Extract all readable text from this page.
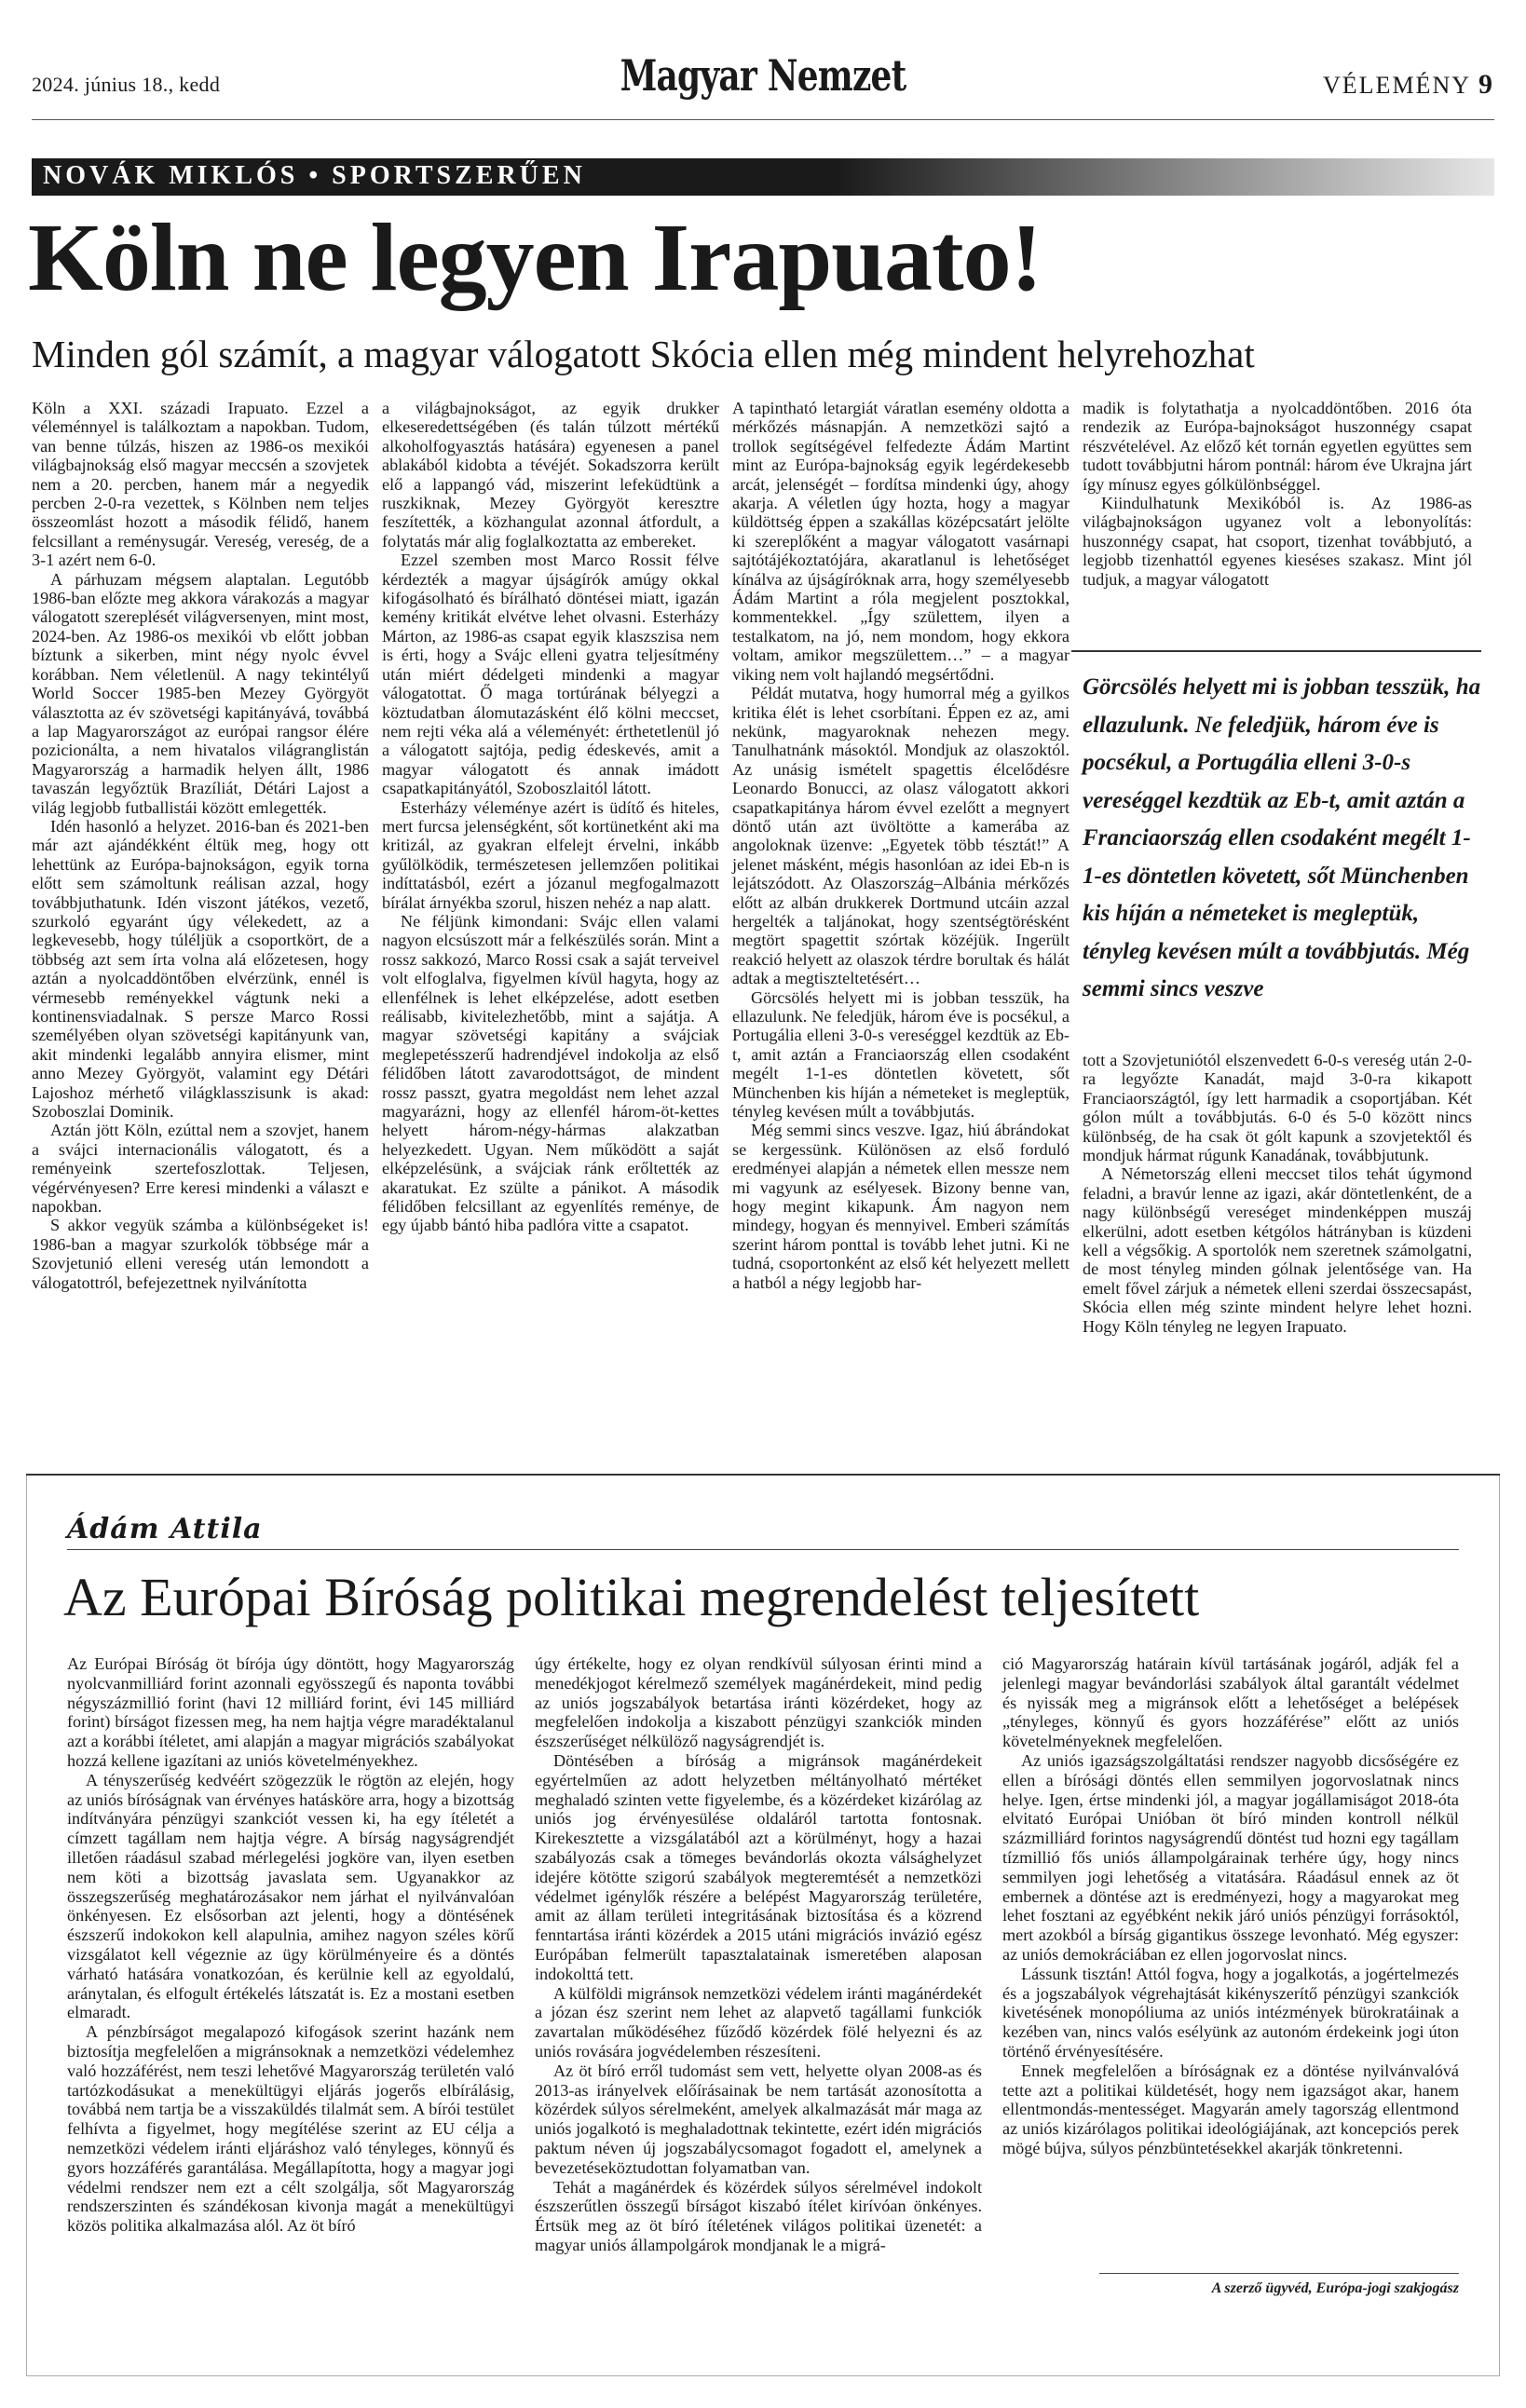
2024. június 18., kedd	Magyar Nemzet	VÉLEMÉNY 9
NOVÁK MIKLÓS • SPORTSZERŰEN
Köln ne legyen Irapuato!
Minden gól számít, a magyar válogatott Skócia ellen még mindent helyrehozhat

Köln a XXI. századi Irapuato. Ezzel a véleménnyel is találkoztam a napokban. Tudom, van benne túlzás, hiszen az 1986-os mexikói világbajnokság első magyar meccsén a szovjetek nem a 20. percben, hanem már a negyedik percben 2-0-ra vezettek, s Kölnben nem teljes összeomlást hozott a második félidő, hanem felcsillant a reménysugár. Vereség, vereség, de a 3-1 azért nem 6-0.

A párhuzam mégsem alaptalan. Legutóbb 1986-ban előzte meg akkora várakozás a magyar válogatott szereplését világversenyen, mint most, 2024-ben. Az 1986-os mexikói vb előtt jobban bíztunk a sikerben, mint négy nyolc évvel korábban. Nem véletlenül. A nagy tekintélyű World Soccer 1985-ben Mezey Györgyöt választotta az év szövetségi kapitányává, továbbá a lap Magyarországot az európai rangsor élére pozicionálta, a nem hivatalos világranglistán Magyarország a harmadik helyen állt, 1986 tavaszán legyőztük Brazíliát, Détári Lajost a világ legjobb futballistái között emlegették.

Idén hasonló a helyzet. 2016-ban és 2021-ben már azt ajándékként éltük meg, hogy ott lehettünk az Európa-bajnokságon, egyik torna előtt sem számoltunk reálisan azzal, hogy továbbjuthatunk. Idén viszont játékos, vezető, szurkoló egyaránt úgy vélekedett, az a legkevesebb, hogy túléljük a csoportkört, de a többség azt sem írta volna alá előzetesen, hogy aztán a nyolcaddöntőben elvérzünk, ennél is vérmesebb reményekkel vágtunk neki a kontinensviadalnak. S persze Marco Rossi személyében olyan szövetségi kapitányunk van, akit mindenki legalább annyira elismer, mint anno Mezey Györgyöt, valamint egy Détári Lajoshoz mérhető világklasszisunk is akad: Szoboszlai Dominik.

Aztán jött Köln, ezúttal nem a szovjet, hanem a svájci internacionális válogatott, és a reményeink szertefoszlottak. Teljesen, végérvényesen? Erre keresi mindenki a választ e napokban.

S akkor vegyük számba a különbségeket is! 1986-ban a magyar szurkolók többsége már a Szovjetunió elleni vereség után lemondott a válogatottról, befejezettnek nyilvánította

a világbajnokságot, az egyik drukker elkeseredettségében (és talán túlzott mértékű alkoholfogyasztás hatására) egyenesen a panel ablakából kidobta a tévéjét. Sokadszorra került elő a lappangó vád, miszerint lefeküdtünk a ruszkiknak, Mezey Györgyöt keresztre feszítették, a közhangulat azonnal átfordult, a folytatás már alig foglalkoztatta az embereket.

Ezzel szemben most Marco Rossit félve kérdezték a magyar újságírók amúgy okkal kifogásolható és bírálható döntései miatt, igazán kemény kritikát elvétve lehet olvasni. Esterházy Márton, az 1986-as csapat egyik klaszszisa nem is érti, hogy a Svájc elleni gyatra teljesítmény után miért dédelgeti mindenki a magyar válogatottat. Ő maga tortúrának bélyegzi a köztudatban álomutazásként élő kölni meccset, nem rejti véka alá a véleményét: érthetetlenül jó a válogatott sajtója, pedig édeskevés, amit a magyar válogatott és annak imádott csapatkapitányától, Szoboszlaitól látott.

Esterházy véleménye azért is üdítő és hiteles, mert furcsa jelenségként, sőt kortünetként aki ma kritizál, az gyakran elfelejt érvelni, inkább gyűlölködik, természetesen jellemzően politikai indíttatásból, ezért a józanul megfogalmazott bírálat árnyékba szorul, hiszen nehéz a nap alatt.

Ne féljünk kimondani: Svájc ellen valami nagyon elcsúszott már a felkészülés során. Mint a rossz sakkozó, Marco Rossi csak a saját terveivel volt elfoglalva, figyelmen kívül hagyta, hogy az ellenfélnek is lehet elképzelése, adott esetben reálisabb, kivitelezhetőbb, mint a sajátja. A magyar szövetségi kapitány a svájciak meglepetésszerű hadrendjével indokolja az első félidőben látott zavarodottságot, de mindent rossz passzt, gyatra megoldást nem lehet azzal magyarázni, hogy az ellenfél három-öt-kettes helyett három-négy-hármas alakzatban helyezkedett. Ugyan. Nem működött a saját elképzelésünk, a svájciak ránk erőltették az akaratukat. Ez szülte a pánikot. A második félidőben felcsillant az egyenlítés reménye, de egy újabb bántó hiba padlóra vitte a csapatot.

A tapintható letargiát váratlan esemény oldotta a mérkőzés másnapján. A nemzetközi sajtó a trollok segítségével felfedezte Ádám Martint mint az Európa-bajnokság egyik legérdekesebb arcát, jelenségét – fordítsa mindenki úgy, ahogy akarja. A véletlen úgy hozta, hogy a magyar küldöttség éppen a szakállas középcsatárt jelölte ki szereplőként a magyar válogatott vasárnapi sajtótájékoztatójára, akaratlanul is lehetőséget kínálva az újságíróknak arra, hogy személyesebb Ádám Martint a róla megjelent posztokkal, kommentekkel. „Így születtem, ilyen a testalkatom, na jó, nem mondom, hogy ekkora voltam, amikor megszülettem…” – a magyar viking nem volt hajlandó megsértődni.

Példát mutatva, hogy humorral még a gyilkos kritika élét is lehet csorbítani. Éppen ez az, ami nekünk, magyaroknak nehezen megy. Tanulhatnánk másoktól. Mondjuk az olaszoktól. Az unásig ismételt spagettis élcelődésre Leonardo Bonucci, az olasz válogatott akkori csapatkapitánya három évvel ezelőtt a megnyert döntő után azt üvöltötte a kamerába az angoloknak üzenve: „Egyetek több tésztát!” A jelenet másként, mégis hasonlóan az idei Eb-n is lejátszódott. Az Olaszország–Albánia mérkőzés előtt az albán drukkerek Dortmund utcáin azzal hergelték a taljánokat, hogy szentségtörésként megtört spagettit szórtak közéjük. Ingerült reakció helyett az olaszok térdre borultak és hálát adtak a megtiszteltetésért…

Görcsölés helyett mi is jobban tesszük, ha ellazulunk. Ne feledjük, három éve is pocsékul, a Portugália elleni 3-0-s vereséggel kezdtük az Eb-t, amit aztán a Franciaország ellen csodaként megélt 1-1-es döntetlen követett, sőt Münchenben kis híján a németeket is megleptük, tényleg kevésen múlt a továbbjutás.

Még semmi sincs veszve. Igaz, hiú ábrándokat se kergessünk. Különösen az első forduló eredményei alapján a németek ellen messze nem mi vagyunk az esélyesek. Bizony benne van, hogy megint kikapunk. Ám nagyon nem mindegy, hogyan és mennyivel. Emberi számítás szerint három ponttal is tovább lehet jutni. Ki ne tudná, csoportonként az első két helyezett mellett a hatból a négy legjobb har-

madik is folytathatja a nyolcaddöntőben. 2016 óta rendezik az Európa-bajnokságot huszonnégy csapat részvételével. Az előző két tornán egyetlen együttes sem tudott továbbjutni három pontnál: három éve Ukrajna járt így mínusz egyes gólkülönbséggel.

Kiindulhatunk Mexikóból is. Az 1986-as világbajnokságon ugyanez volt a lebonyolítás: huszonnégy csapat, hat csoport, tizenhat továbbjutó, a legjobb tizenhattól egyenes kieséses szakasz. Mint jól tudjuk, a magyar válogatott

Görcsölés helyett mi is jobban tesszük, ha ellazulunk. Ne feledjük, három éve is pocsékul, a Portugália elleni 3-0-s vereséggel kezdtük az Eb-t, amit aztán a Franciaország ellen csodaként megélt 1-1-es döntetlen követett, sőt Münchenben kis híján a németeket is megleptük, tényleg kevésen múlt a továbbjutás. Még semmi sincs veszve

tott a Szovjetuniótól elszenvedett 6-0-s vereség után 2-0-ra legyőzte Kanadát, majd 3-0-ra kikapott Franciaországtól, így lett harmadik a csoportjában. Két gólon múlt a továbbjutás. 6-0 és 5-0 között nincs különbség, de ha csak öt gólt kapunk a szovjetektől és mondjuk hármat rúgunk Kanadának, továbbjutunk.

A Németország elleni meccset tilos tehát úgymond feladni, a bravúr lenne az igazi, akár döntetlenként, de a nagy különbségű vereséget mindenképpen muszáj elkerülni, adott esetben kétgólos hátrányban is küzdeni kell a végsőkig. A sportolók nem szeretnek számolgatni, de most tényleg minden gólnak jelentősége van. Ha emelt fővel zárjuk a németek elleni szerdai összecsapást, Skócia ellen még szinte mindent helyre lehet hozni. Hogy Köln tényleg ne legyen Irapuato.

Ádám Attila
Az Európai Bíróság politikai megrendelést teljesített

Az Európai Bíróság öt bírója úgy döntött, hogy Magyarország nyolcvanmilliárd forint azonnali egyösszegű és naponta további négyszázmillió forint (havi 12 milliárd forint, évi 145 milliárd forint) bírságot fizessen meg, ha nem hajtja végre maradéktalanul azt a korábbi ítéletet, ami alapján a magyar migrációs szabályokat hozzá kellene igazítani az uniós követelményekhez.

A tényszerűség kedvéért szögezzük le rögtön az elején, hogy az uniós bíróságnak van érvényes hatásköre arra, hogy a bizottság indítványára pénzügyi szankciót vessen ki, ha egy ítéletét a címzett tagállam nem hajtja végre. A bírság nagyságrendjét illetően ráadásul szabad mérlegelési jogköre van, ilyen esetben nem köti a bizottság javaslata sem. Ugyanakkor az összegszerűség meghatározásakor nem járhat el nyilvánvalóan önkényesen. Ez elsősorban azt jelenti, hogy a döntésének észszerű indokokon kell alapulnia, amihez nagyon széles körű vizsgálatot kell végeznie az ügy körülményeire és a döntés várható hatására vonatkozóan, és kerülnie kell az egyoldalú, aránytalan, és elfogult értékelés látszatát is. Ez a mostani esetben elmaradt.

A pénzbírságot megalapozó kifogások szerint hazánk nem biztosítja megfelelően a migránsoknak a nemzetközi védelemhez való hozzáférést, nem teszi lehetővé Magyarország területén való tartózkodásukat a menekültügyi eljárás jogerős elbírálásig, továbbá nem tartja be a visszaküldés tilalmát sem. A bírói testület felhívta a figyelmet, hogy megítélése szerint az EU célja a nemzetközi védelem iránti eljáráshoz való tényleges, könnyű és gyors hozzáférés garantálása. Megállapította, hogy a magyar jogi védelmi rendszer nem ezt a célt szolgálja, sőt Magyarország rendszerszinten és szándékosan kivonja magát a menekültügyi közös politika alkalmazása alól. Az öt bíró

úgy értékelte, hogy ez olyan rendkívül súlyosan érinti mind a menedékjogot kérelmező személyek magánérdekeit, mind pedig az uniós jogszabályok betartása iránti közérdeket, hogy az megfelelően indokolja a kiszabott pénzügyi szankciók minden észszerűséget nélkülöző nagyságrendjét is.

Döntésében a bíróság a migránsok magánérdekeit egyértelműen az adott helyzetben méltányolható mértéket meghaladó szinten vette figyelembe, és a közérdeket kizárólag az uniós jog érvényesülése oldaláról tartotta fontosnak. Kirekesztette a vizsgálatából azt a körülményt, hogy a hazai szabályozás csak a tömeges bevándorlás okozta válsághelyzet idejére kötötte szigorú szabályok megteremtését a nemzetközi védelmet igénylők részére a belépést Magyarország területére, amit az állam területi integritásának biztosítása és a közrend fenntartása iránti közérdek a 2015 utáni migrációs invázió egész Európában felmerült tapasztalatainak ismeretében alaposan indokolttá tett.

A külföldi migránsok nemzetközi védelem iránti magánérdekét a józan ész szerint nem lehet az alapvető tagállami funkciók zavartalan működéséhez fűződő közérdek fölé helyezni és az uniós rovására jogvédelemben részesíteni.

Az öt bíró erről tudomást sem vett, helyette olyan 2008-as és 2013-as irányelvek előírásainak be nem tartását azonosította a közérdek súlyos sérelmeként, amelyek alkalmazását már maga az uniós jogalkotó is meghaladottnak tekintette, ezért idén migrációs paktum néven új jogszabálycsomagot fogadott el, amelynek a bevezetéseköztudottan folyamatban van.

Tehát a magánérdek és közérdek súlyos sérelmével indokolt észszerűtlen összegű bírságot kiszabó ítélet kirívóan önkényes. Értsük meg az öt bíró ítéletének világos politikai üzenetét: a magyar uniós állampolgárok mondjanak le a migrá-

ció Magyarország határain kívül tartásának jogáról, adják fel a jelenlegi magyar bevándorlási szabályok által garantált védelmet és nyissák meg a migránsok előtt a lehetőséget a belépések „tényleges, könnyű és gyors hozzáférése” előtt az uniós követelményeknek megfelelően.

Az uniós igazságszolgáltatási rendszer nagyobb dicsőségére ez ellen a bírósági döntés ellen semmilyen jogorvoslatnak nincs helye. Igen, értse mindenki jól, a magyar jogállamiságot 2018-óta elvitató Európai Unióban öt bíró minden kontroll nélkül százmilliárd forintos nagyságrendű döntést tud hozni egy tagállam tízmillió fős uniós állampolgárainak terhére úgy, hogy nincs semmilyen jogi lehetőség a vitatására. Ráadásul ennek az öt embernek a döntése azt is eredményezi, hogy a magyarokat meg lehet fosztani az egyébként nekik járó uniós pénzügyi forrásoktól, mert azokból a bírság gigantikus összege levonható. Még egyszer: az uniós demokráciában ez ellen jogorvoslat nincs.

Lássunk tisztán! Attól fogva, hogy a jogalkotás, a jogértelmezés és a jogszabályok végrehajtását kikényszerítő pénzügyi szankciók kivetésének monopóliuma az uniós intézmények bürokratáinak a kezében van, nincs valós esélyünk az autonóm érdekeink jogi úton történő érvényesítésére.

Ennek megfelelően a bíróságnak ez a döntése nyilvánvalóvá tette azt a politikai küldetését, hogy nem igazságot akar, hanem ellentmondás-mentességet. Magyarán amely tagország ellentmond az uniós kizárólagos politikai ideológiájának, azt koncepciós perek mögé bújva, súlyos pénzbüntetésekkel akarják tönkretenni.

A szerző ügyvéd, Európa-jogi szakjogász
